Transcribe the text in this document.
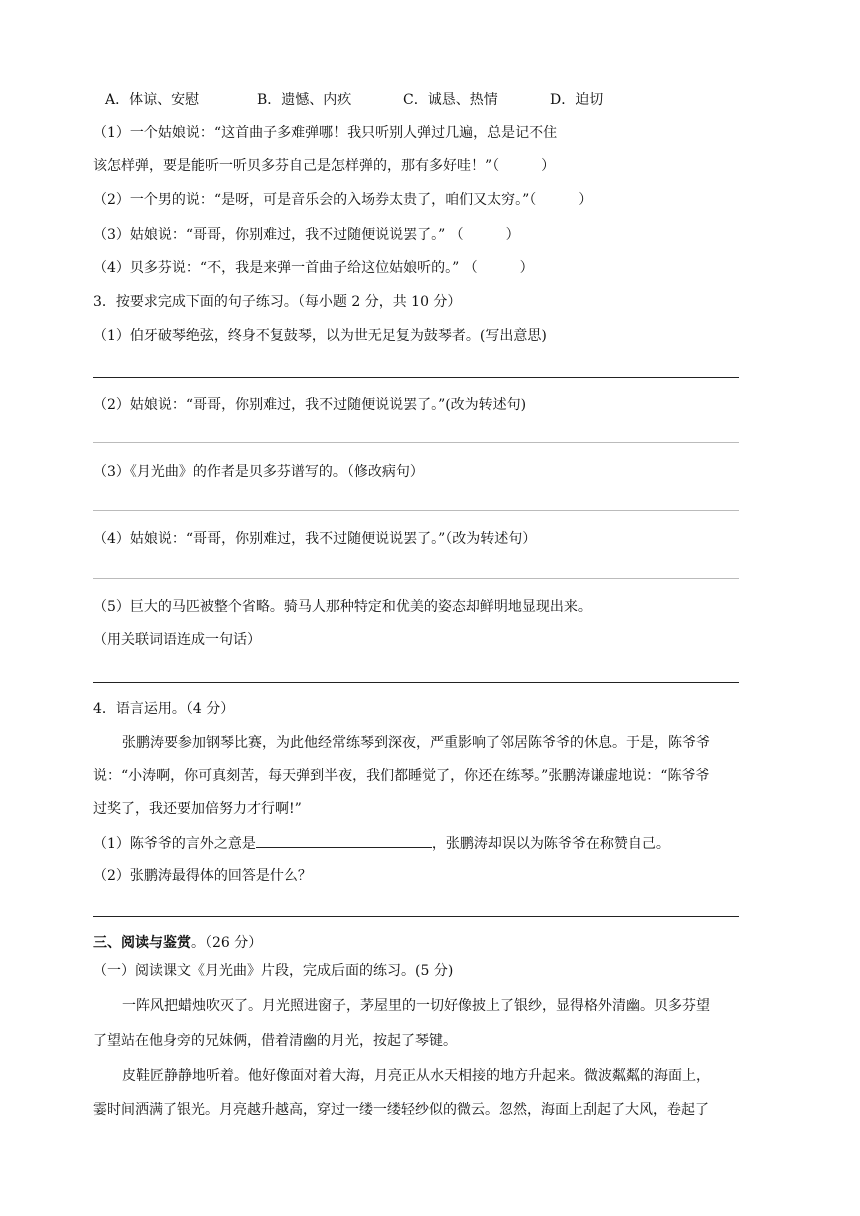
A．体谅、安慰	B．遗憾、内疚	C．诚恳、热情	D．迫切
（1）一个姑娘说：“这首曲子多难弹哪！我只听别人弹过几遍，总是记不住
该怎样弹，要是能听一听贝多芬自己是怎样弹的，那有多好哇！”（　　　）
（2）一个男的说：“是呀，可是音乐会的入场券太贵了，咱们又太穷。”（　　　）
（3）姑娘说：“哥哥，你别难过，我不过随便说说罢了。” （　　　）
（4）贝多芬说：“不，我是来弹一首曲子给这位姑娘听的。” （　　　）
3．按要求完成下面的句子练习。（每小题 2 分，共 10 分）
（1）伯牙破琴绝弦，终身不复鼓琴，以为世无足复为鼓琴者。(写出意思)
（2）姑娘说：“哥哥，你别难过，我不过随便说说罢了。”(改为转述句)
（3）《月光曲》的作者是贝多芬谱写的。（修改病句）
（4）姑娘说：“哥哥，你别难过，我不过随便说说罢了。”（改为转述句）
（5）巨大的马匹被整个省略。骑马人那种特定和优美的姿态却鲜明地显现出来。
（用关联词语连成一句话）
4．语言运用。（4 分）
张鹏涛要参加钢琴比赛，为此他经常练琴到深夜，严重影响了邻居陈爷爷的休息。于是，陈爷爷
说：“小涛啊，你可真刻苦，每天弹到半夜，我们都睡觉了，你还在练琴。”张鹏涛谦虚地说：“陈爷爷
过奖了，我还要加倍努力才行啊!”
（1）陈爷爷的言外之意是	，张鹏涛却误以为陈爷爷在称赞自己。
（2）张鹏涛最得体的回答是什么？
三、阅读与鉴赏。（26 分）
（一）阅读课文《月光曲》片段，完成后面的练习。(5 分)
一阵风把蜡烛吹灭了。月光照进窗子，茅屋里的一切好像披上了银纱，显得格外清幽。贝多芬望
了望站在他身旁的兄妹俩，借着清幽的月光，按起了琴键。
皮鞋匠静静地听着。他好像面对着大海，月亮正从水天相接的地方升起来。微波粼粼的海面上，
霎时间洒满了银光。月亮越升越高，穿过一缕一缕轻纱似的微云。忽然，海面上刮起了大风，卷起了
